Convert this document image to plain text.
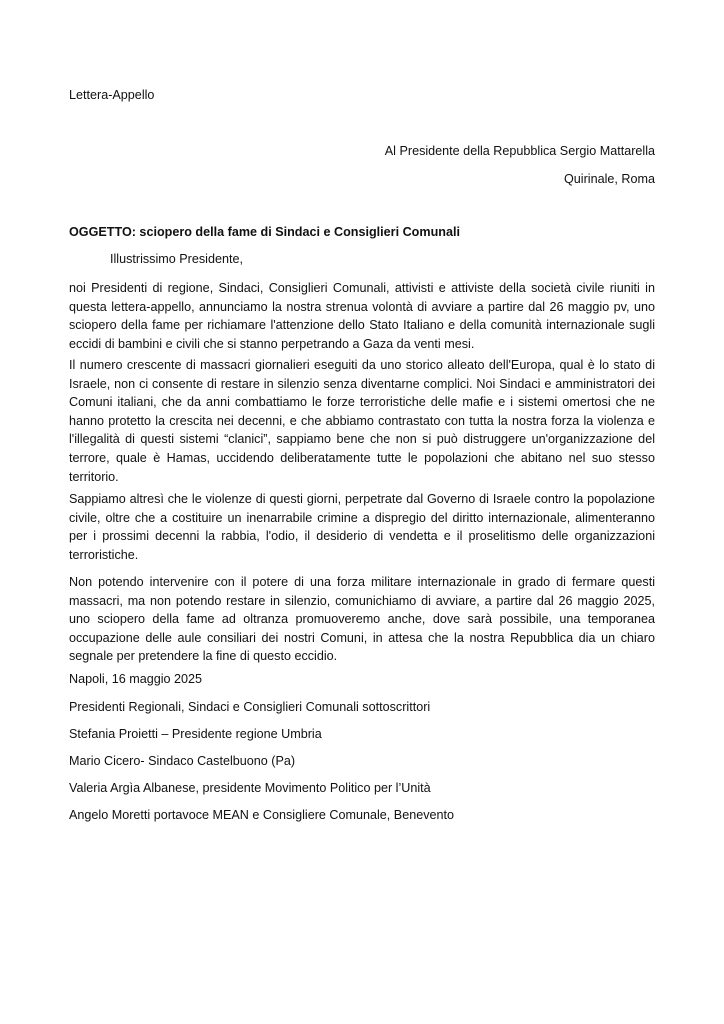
Lettera-Appello

Al Presidente della Repubblica Sergio Mattarella

Quirinale, Roma

OGGETTO: sciopero della fame di Sindaci e Consiglieri Comunali

Illustrissimo Presidente,

noi Presidenti di regione, Sindaci, Consiglieri Comunali, attivisti e attiviste della società civile riuniti in questa lettera-appello, annunciamo la nostra strenua volontà di avviare a partire dal 26 maggio pv, uno sciopero della fame per richiamare l'attenzione dello Stato Italiano e della comunità internazionale sugli eccidi di bambini e civili che si stanno perpetrando a Gaza da venti mesi.

Il numero crescente di massacri giornalieri eseguiti da uno storico alleato dell'Europa, qual è lo stato di Israele, non ci consente di restare in silenzio senza diventarne complici. Noi Sindaci e amministratori dei Comuni italiani, che da anni combattiamo le forze terroristiche delle mafie e i sistemi omertosi che ne hanno protetto la crescita nei decenni, e che abbiamo contrastato con tutta la nostra forza la violenza e l'illegalità di questi sistemi “clanici”, sappiamo bene che non si può distruggere un'organizzazione del terrore, quale è Hamas, uccidendo deliberatamente tutte le popolazioni che abitano nel suo stesso territorio.

Sappiamo altresì che le violenze di questi giorni, perpetrate dal Governo di Israele contro la popolazione civile, oltre che a costituire un inenarrabile crimine a dispregio del diritto internazionale, alimenteranno per i prossimi decenni la rabbia, l'odio, il desiderio di vendetta e il proselitismo delle organizzazioni terroristiche.

Non potendo intervenire con il potere di una forza militare internazionale in grado di fermare questi massacri, ma non potendo restare in silenzio, comunichiamo di avviare, a partire dal 26 maggio 2025, uno sciopero della fame ad oltranza promuoveremo anche, dove sarà possibile, una temporanea occupazione delle aule consiliari dei nostri Comuni, in attesa che la nostra Repubblica dia un chiaro segnale per pretendere la fine di questo eccidio.

Napoli, 16 maggio 2025

Presidenti Regionali, Sindaci e Consiglieri Comunali sottoscrittori

Stefania Proietti – Presidente regione Umbria

Mario Cicero- Sindaco Castelbuono (Pa)

Valeria Argìa Albanese, presidente Movimento Politico per l’Unità

Angelo Moretti portavoce MEAN e Consigliere Comunale, Benevento
